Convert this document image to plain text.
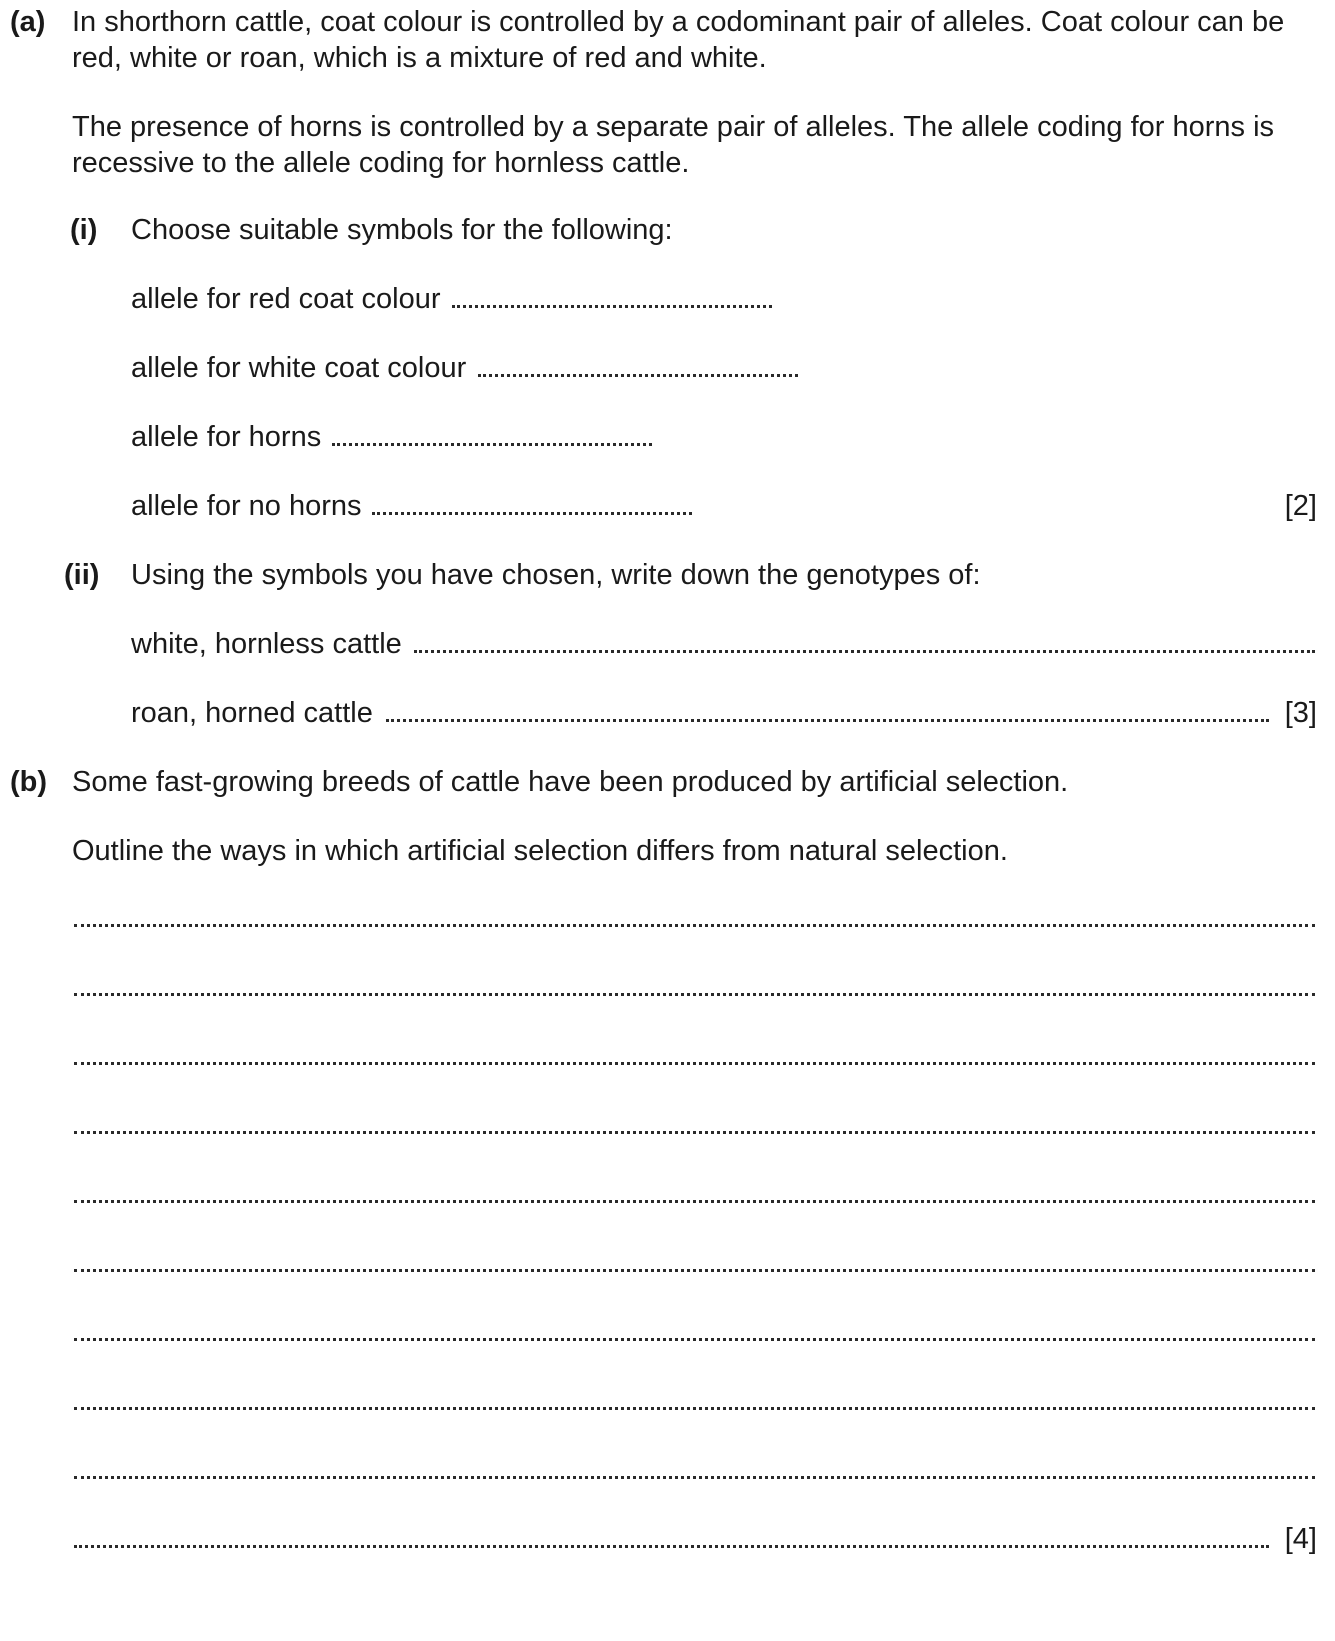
(a) In shorthorn cattle, coat colour is controlled by a codominant pair of alleles. Coat colour can be red, white or roan, which is a mixture of red and white.
The presence of horns is controlled by a separate pair of alleles. The allele coding for horns is recessive to the allele coding for hornless cattle.
(i) Choose suitable symbols for the following:
allele for red coat colour
allele for white coat colour
allele for horns
allele for no horns	[2]
(ii) Using the symbols you have chosen, write down the genotypes of:
white, hornless cattle
roan, horned cattle	[3]
(b) Some fast-growing breeds of cattle have been produced by artificial selection.
Outline the ways in which artificial selection differs from natural selection.
[4]
